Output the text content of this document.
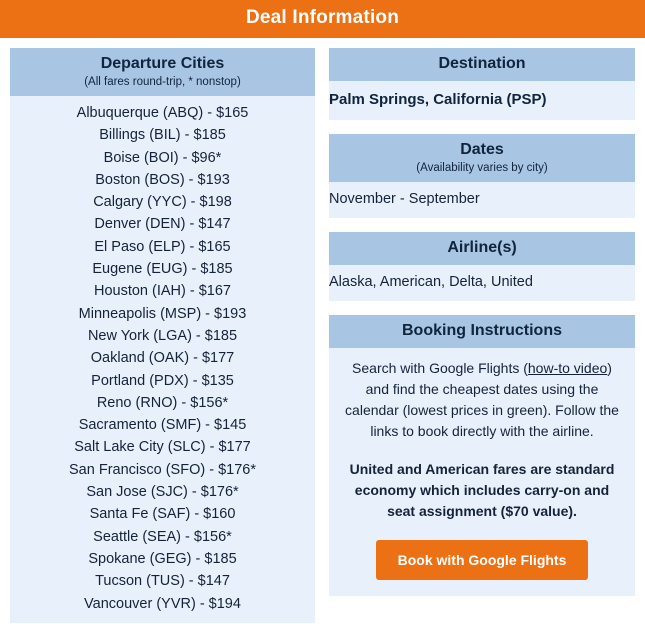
Deal Information
Departure Cities
(All fares round-trip, * nonstop)
Albuquerque (ABQ) - $165
Billings (BIL) - $185
Boise (BOI) - $96*
Boston (BOS) - $193
Calgary (YYC) - $198
Denver (DEN) - $147
El Paso (ELP) - $165
Eugene (EUG) - $185
Houston (IAH) - $167
Minneapolis (MSP) - $193
New York (LGA) - $185
Oakland (OAK) - $177
Portland (PDX) - $135
Reno (RNO) - $156*
Sacramento (SMF) - $145
Salt Lake City (SLC) - $177
San Francisco (SFO) - $176*
San Jose (SJC) - $176*
Santa Fe (SAF) - $160
Seattle (SEA) - $156*
Spokane (GEG) - $185
Tucson (TUS) - $147
Vancouver (YVR) - $194
Destination
Palm Springs, California (PSP)
Dates
(Availability varies by city)
November - September
Airline(s)
Alaska, American, Delta, United
Booking Instructions

Search with Google Flights (how-to video) and find the cheapest dates using the calendar (lowest prices in green). Follow the links to book directly with the airline.

United and American fares are standard economy which includes carry-on and seat assignment ($70 value).

Book with Google Flights
